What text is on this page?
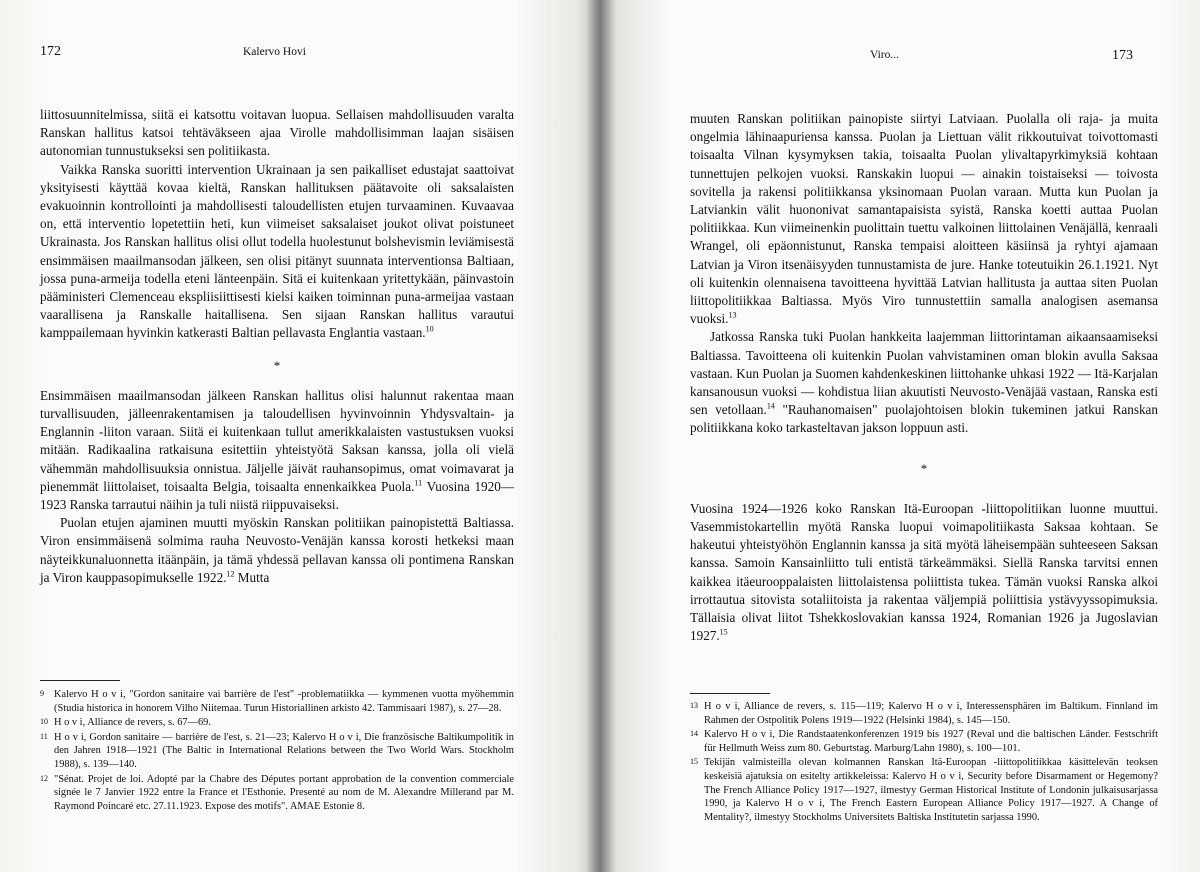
172	Kalervo Hovi

liittosuunnitelmissa, siitä ei katsottu voitavan luopua. Sellaisen mahdollisuuden varalta Ranskan hallitus katsoi tehtäväkseen ajaa Virolle mahdollisimman laajan sisäisen autonomian tunnustukseksi sen politiikasta.

Vaikka Ranska suoritti intervention Ukrainaan ja sen paikalliset edustajat saattoivat yksityisesti käyttää kovaa kieltä, Ranskan hallituksen päätavoite oli saksalaisten evakuoinnin kontrollointi ja mahdollisesti taloudellisten etujen turvaaminen. Kuvaavaa on, että interventio lopetettiin heti, kun viimeiset saksalaiset joukot olivat poistuneet Ukrainasta. Jos Ranskan hallitus olisi ollut todella huolestunut bolshevismin leviämisestä ensimmäisen maailmansodan jälkeen, sen olisi pitänyt suunnata interventionsa Baltiaan, jossa puna-armeija todella eteni länteenpäin. Sitä ei kuitenkaan yritettykään, päinvastoin pääministeri Clemenceau ekspliisiittisesti kielsi kaiken toiminnan puna-armeijaa vastaan vaarallisena ja Ranskalle haitallisena. Sen sijaan Ranskan hallitus varautui kamppailemaan hyvinkin katkerasti Baltian pellavasta Englantia vastaan.$^{10}$

*

Ensimmäisen maailmansodan jälkeen Ranskan hallitus olisi halunnut rakentaa maan turvallisuuden, jälleenrakentamisen ja taloudellisen hyvinvoinnin Yhdysvaltain- ja Englannin -liiton varaan. Siitä ei kuitenkaan tullut amerikkalaisten vastustuksen vuoksi mitään. Radikaalina ratkaisuna esitettiin yhteistyötä Saksan kanssa, jolla oli vielä vähemmän mahdollisuuksia onnistua. Jäljelle jäivät rauhansopimus, omat voimavarat ja pienemmät liittolaiset, toisaalta Belgia, toisaalta ennenkaikkea Puola.$^{11}$ Vuosina 1920—1923 Ranska tarrautui näihin ja tuli niistä riippuvaiseksi.

Puolan etujen ajaminen muutti myöskin Ranskan politiikan painopistettä Baltiassa. Viron ensimmäisenä solmima rauha Neuvosto-Venäjän kanssa korosti hetkeksi maan näyteikkunaluonnetta itäänpäin, ja tämä yhdessä pellavan kanssa oli pontimena Ranskan ja Viron kauppasopimukselle 1922.12 Mutta

9 Kalervo H o v i, "Gordon sanitaire vai barrière de l'est" -problematiikka — kymmenen vuotta myöhemmin (Studia historica in honorem Vilho Niitemaa. Turun Historiallinen arkisto 42. Tammisaari 1987), s. 27—28.
10 H o v i, Alliance de revers, s. 67—69.
11 H o v i, Gordon sanitaire — barrière de l'est, s. 21—23; Kalervo H o v i, Die französische Baltikumpolitik in den Jahren 1918—1921 (The Baltic in International Relations between the Two World Wars. Stockholm 1988), s. 139—140.
12 "Sénat. Projet de loi. Adopté par la Chabre des Députes portant approbation de la convention commerciale signée le 7 Janvier 1922 entre la France et l'Esthonie. Presenté au nom de M. Alexandre Millerand par M. Raymond Poincaré etc. 27.11.1923. Expose des motifs". AMAE Estonie 8.
Viro...	173

muuten Ranskan politiikan painopiste siirtyi Latviaan. Puolalla oli raja- ja muita ongelmia lähinaapuriensa kanssa. Puolan ja Liettuan välit rikkoutuivat toivottomasti toisaalta Vilnan kysymyksen takia, toisaalta Puolan ylivaltapyrkimyksiä kohtaan tunnettujen pelkojen vuoksi. Ranskakin luopui — ainakin toistaiseksi — toivosta sovitella ja rakensi politiikkansa yksinomaan Puolan varaan. Mutta kun Puolan ja Latviankin välit huononivat samantapaisista syistä, Ranska koetti auttaa Puolan politiikkaa. Kun viimeinenkin puolittain tuettu valkoinen liittolainen Venäjällä, kenraali Wrangel, oli epäonnistunut, Ranska tempaisi aloitteen käsiinsä ja ryhtyi ajamaan Latvian ja Viron itsenäisyyden tunnustamista de jure. Hanke toteutuikin 26.1.1921. Nyt oli kuitenkin olennaisena tavoitteena hyvittää Latvian hallitusta ja auttaa siten Puolan liittopolitiikkaa Baltiassa. Myös Viro tunnustettiin samalla analogisen asemansa vuoksi.$^{13}$

Jatkossa Ranska tuki Puolan hankkeita laajemman liittorintaman aikaansaamiseksi Baltiassa. Tavoitteena oli kuitenkin Puolan vahvistaminen oman blokin avulla Saksaa vastaan. Kun Puolan ja Suomen kahdenkeskinen liittohanke uhkasi 1922 — Itä-Karjalan kansanousun vuoksi — kohdistua liian akuutisti Neuvosto-Venäjää vastaan, Ranska esti sen vetollaan.$^{14}$ "Rauhanomaisen" puolajohtoisen blokin tukeminen jatkui Ranskan politiikkana koko tarkasteltavan jakson loppuun asti.

*

Vuosina 1924—1926 koko Ranskan Itä-Euroopan -liittopolitiikan luonne muuttui. Vasemmistokartellin myötä Ranska luopui voimapolitiikasta Saksaa kohtaan. Se hakeutui yhteistyöhön Englannin kanssa ja sitä myötä läheisempään suhteeseen Saksan kanssa. Samoin Kansainliitto tuli entistä tärkeämmäksi. Siellä Ranska tarvitsi ennen kaikkea itäeurooppalaisten liittolaistensa poliittista tukea. Tämän vuoksi Ranska alkoi irrottautua sitovista sotaliitoista ja rakentaa väljempiä poliittisia ystävyyssopimuksia. Tällaisia olivat liitot Tshekkoslovakian kanssa 1924, Romanian 1926 ja Jugoslavian 1927.15

13 H o v i, Alliance de revers, s. 115—119; Kalervo H o v i, Interessensphären im Baltikum. Finnland im Rahmen der Ostpolitik Polens 1919—1922 (Helsinki 1984), s. 145—150.
14 Kalervo H o v i, Die Randstaatenkonferenzen 1919 bis 1927 (Reval und die baltischen Länder. Festschrift für Hellmuth Weiss zum 80. Geburtstag. Marburg/Lahn 1980), s. 100—101.
15 Tekijän valmisteilla olevan kolmannen Ranskan Itä-Euroopan -liittopolitiikkaa käsittelevän teoksen keskeisiä ajatuksia on esitelty artikkeleissa: Kalervo H o v i, Security before Disarmament or Hegemony? The French Alliance Policy 1917—1927, ilmestyy German Historical Institute of Londonin julkaisusarjassa 1990, ja Kalervo H o v i, The French Eastern European Alliance Policy 1917—1927. A Change of Mentality?, ilmestyy Stockholms Universitets Baltiska Institutetin sarjassa 1990.
